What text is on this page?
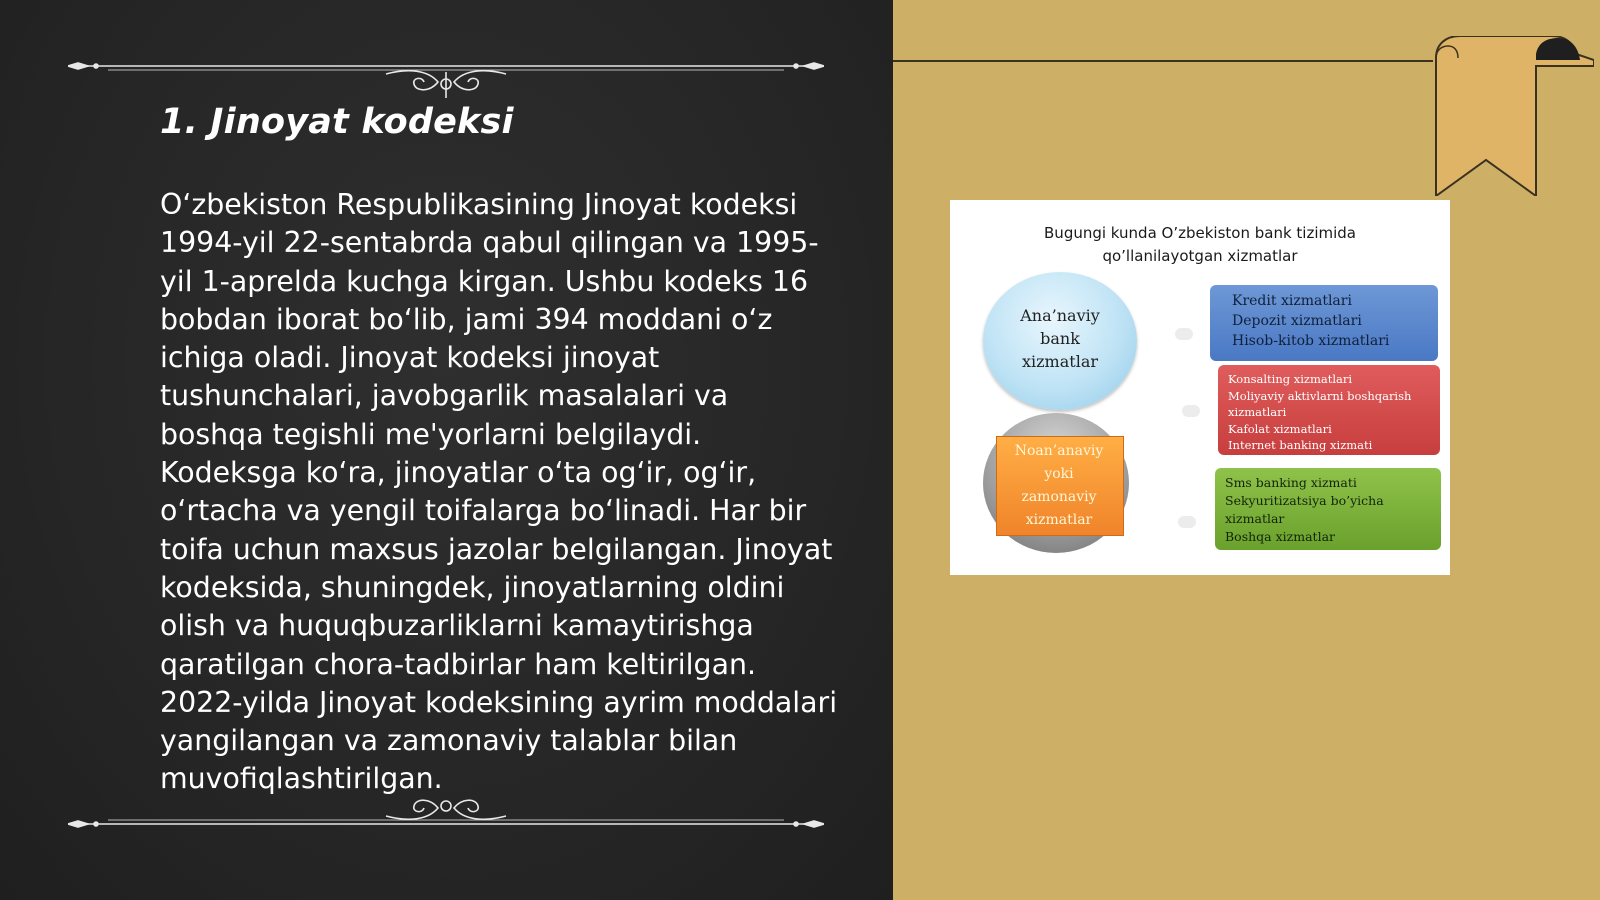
1. Jinoyat kodeksi

O‘zbekiston Respublikasining Jinoyat kodeksi 1994-yil 22-sentabrda qabul qilingan va 1995-yil 1-aprelda kuchga kirgan. Ushbu kodeks 16 bobdan iborat bo‘lib, jami 394 moddani o‘z ichiga oladi. Jinoyat kodeksi jinoyat tushunchalari, javobgarlik masalalari va boshqa tegishli me'yorlarni belgilaydi. Kodeksga ko‘ra, jinoyatlar o‘ta og‘ir, og‘ir, o‘rtacha va yengil toifalarga bo‘linadi. Har bir toifa uchun maxsus jazolar belgilangan. Jinoyat kodeksida, shuningdek, jinoyatlarning oldini olish va huquqbuzarliklarni kamaytirishga qaratilgan chora-tadbirlar ham keltirilgan. 2022-yilda Jinoyat kodeksining ayrim moddalari yangilangan va zamonaviy talablar bilan muvofiqlashtirilgan.

Bugungi kunda O’zbekiston bank tizimida
qo’llanilayotgan xizmatlar
Ana’naviy
bank
xizmatlar
Noan’anaviy
yoki
zamonaviy
xizmatlar
Kredit xizmatlari
Depozit xizmatlari
Hisob-kitob xizmatlari
Konsalting xizmatlari
Moliyaviy aktivlarni boshqarish
xizmatlari
Kafolat xizmatlari
Internet banking xizmati
Sms banking xizmati
Sekyuritizatsiya bo’yicha
xizmatlar
Boshqa xizmatlar
